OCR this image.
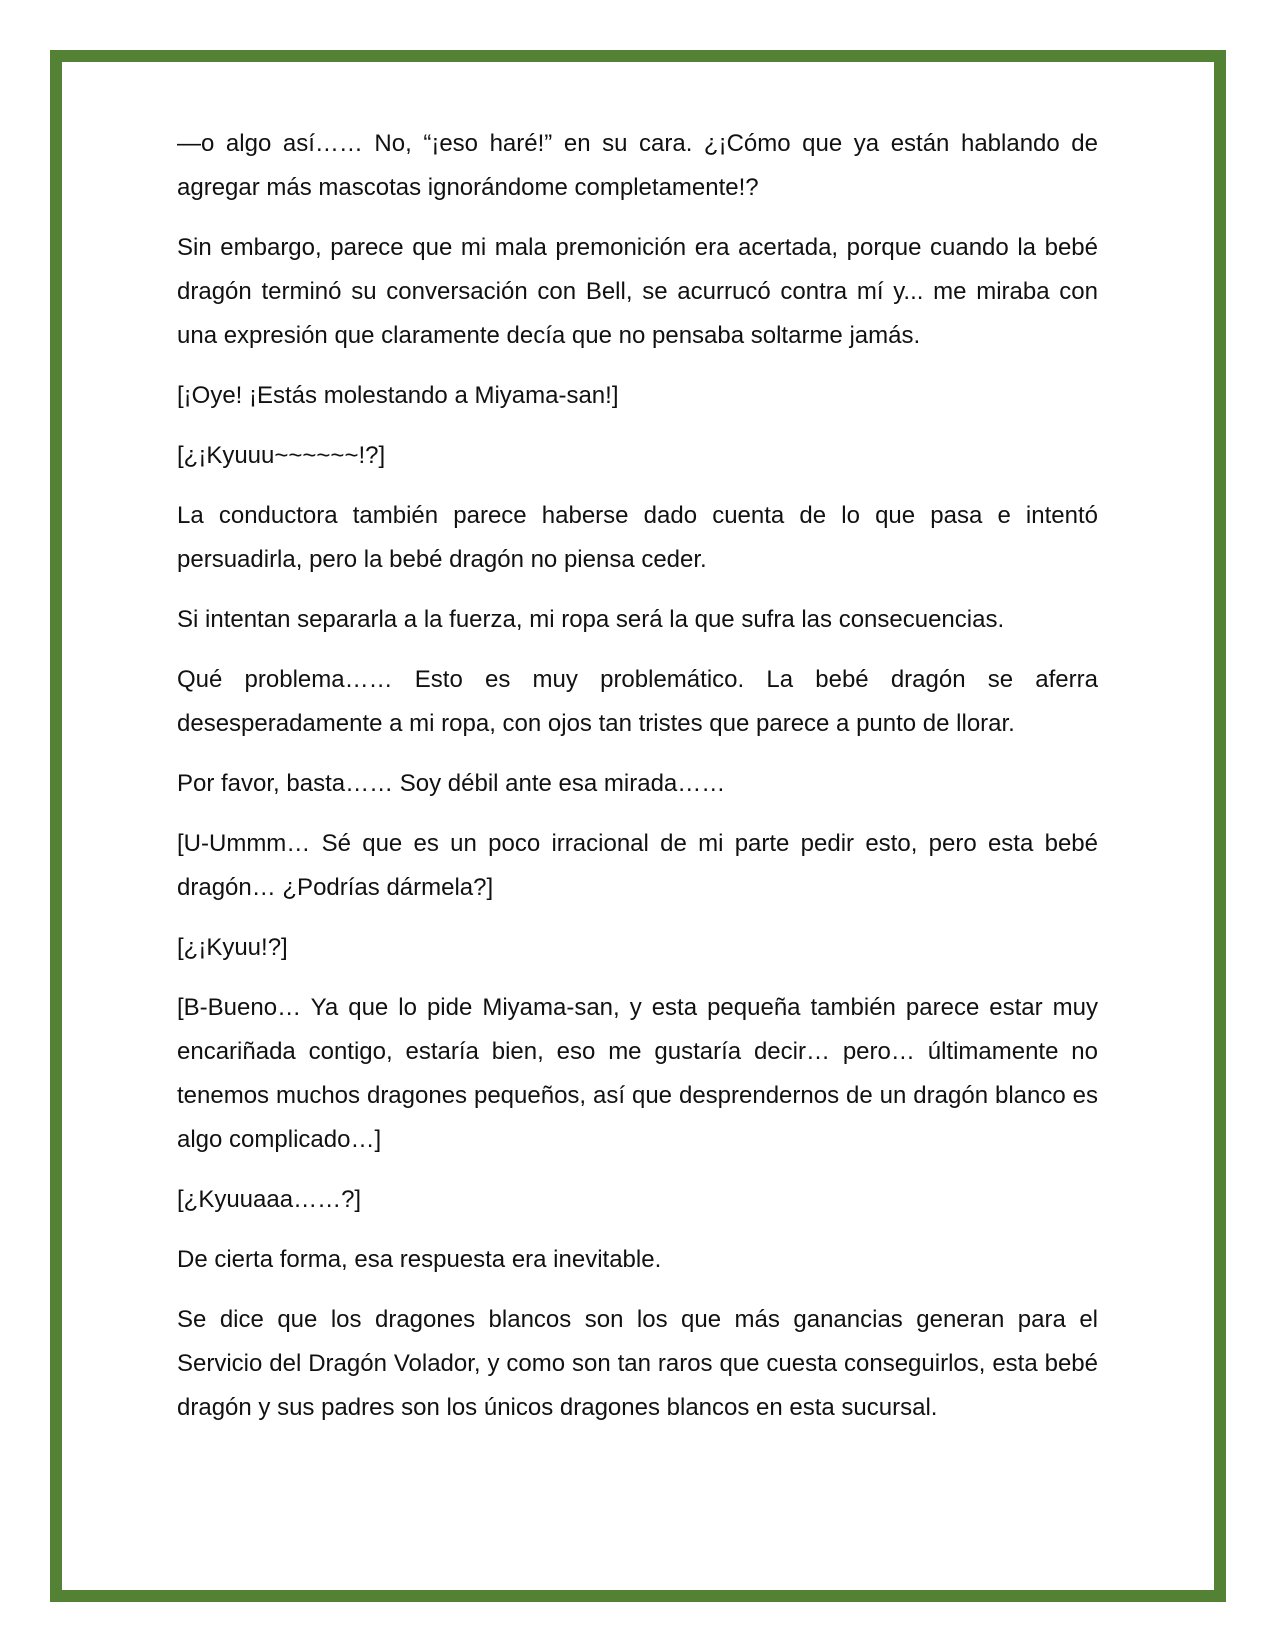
—o algo así…… No, “¡eso haré!” en su cara. ¿¡Cómo que ya están hablando de agregar más mascotas ignorándome completamente!?

Sin embargo, parece que mi mala premonición era acertada, porque cuando la bebé dragón terminó su conversación con Bell, se acurrucó contra mí y... me miraba con una expresión que claramente decía que no pensaba soltarme jamás.

[¡Oye! ¡Estás molestando a Miyama-san!]

[¿¡Kyuuu~~~~~~!?]

La conductora también parece haberse dado cuenta de lo que pasa e intentó persuadirla, pero la bebé dragón no piensa ceder.

Si intentan separarla a la fuerza, mi ropa será la que sufra las consecuencias.

Qué problema…… Esto es muy problemático. La bebé dragón se aferra desesperadamente a mi ropa, con ojos tan tristes que parece a punto de llorar.

Por favor, basta…… Soy débil ante esa mirada……

[U-Ummm… Sé que es un poco irracional de mi parte pedir esto, pero esta bebé dragón… ¿Podrías dármela?]

[¿¡Kyuu!?]

[B-Bueno… Ya que lo pide Miyama-san, y esta pequeña también parece estar muy encariñada contigo, estaría bien, eso me gustaría decir… pero… últimamente no tenemos muchos dragones pequeños, así que desprendernos de un dragón blanco es algo complicado…]

[¿Kyuuaaa……?]

De cierta forma, esa respuesta era inevitable.

Se dice que los dragones blancos son los que más ganancias generan para el Servicio del Dragón Volador, y como son tan raros que cuesta conseguirlos, esta bebé dragón y sus padres son los únicos dragones blancos en esta sucursal.
